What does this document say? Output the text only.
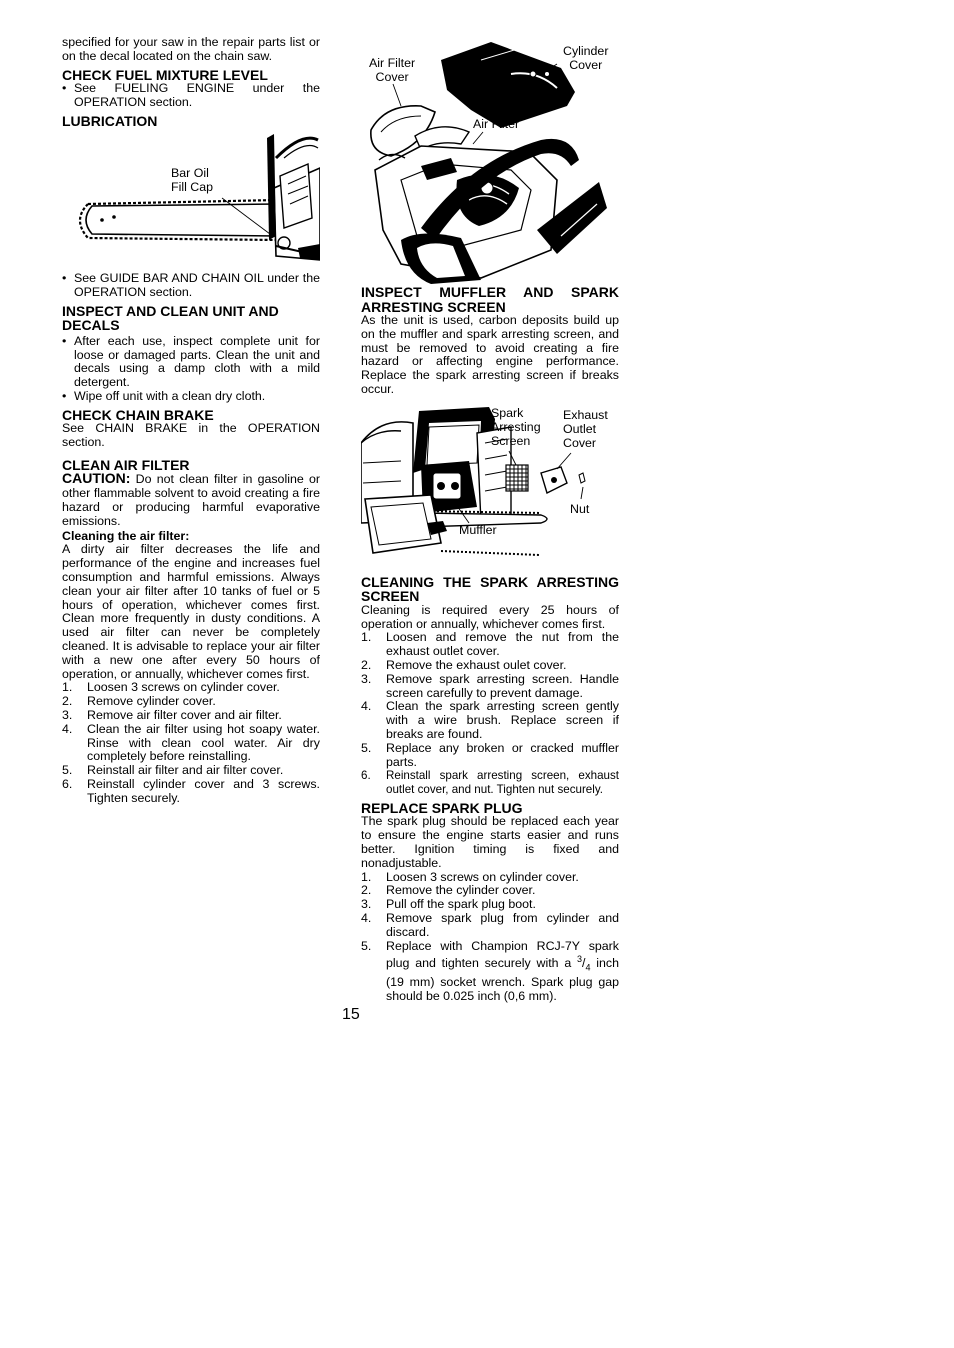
specified for your saw in the repair parts list or on the decal located on the chain saw.

CHECK FUEL MIXTURE LEVEL
• See FUELING ENGINE under the OPERATION section.
LUBRICATION
Bar Oil
Fill Cap
• See GUIDE BAR AND CHAIN OIL under the OPERATION section.
INSPECT AND CLEAN UNIT AND DECALS
• After each use, inspect complete unit for loose or damaged parts. Clean the unit and decals using a damp cloth with a mild detergent.
• Wipe off unit with a clean dry cloth.
CHECK CHAIN BRAKE

See CHAIN BRAKE in the OPERATION section.

CLEAN AIR FILTER

CAUTION: Do not clean filter in gasoline or other flammable solvent to avoid creating a fire hazard or producing harmful evaporative emissions.

Cleaning the air filter:

A dirty air filter decreases the life and performance of the engine and increases fuel consumption and harmful emissions. Always clean your air filter after 10 tanks of fuel or 5 hours of operation, whichever comes first. Clean more frequently in dusty conditions. A used air filter can never be completely cleaned. It is advisable to replace your air filter with a new one after every 50 hours of operation, or annually, whichever comes first.

1. Loosen 3 screws on cylinder cover.
2. Remove cylinder cover.
3. Remove air filter cover and air filter.
4. Clean the air filter using hot soapy water. Rinse with clean cool water. Air dry completely before reinstalling.
5. Reinstall air filter and air filter cover.
6. Reinstall cylinder cover and 3 screws. Tighten securely.
Air Filter
Cover
Cylinder
Cover
Air Filter
INSPECT MUFFLER AND SPARK ARRESTING SCREEN

As the unit is used, carbon deposits build up on the muffler and spark arresting screen, and must be removed to avoid creating a fire hazard or affecting engine performance. Replace the spark arresting screen if breaks occur.

Spark
Arresting
Screen
Exhaust
Outlet
Cover
Nut
Muffler
CLEANING THE SPARK ARRESTING SCREEN

Cleaning is required every 25 hours of operation or annually, whichever comes first.

1. Loosen and remove the nut from the exhaust outlet cover.
2. Remove the exhaust oulet cover.
3. Remove spark arresting screen. Handle screen carefully to prevent damage.
4. Clean the spark arresting screen gently with a wire brush. Replace screen if breaks are found.
5. Replace any broken or cracked muffler parts.
6. Reinstall spark arresting screen, exhaust outlet cover, and nut. Tighten nut securely.
REPLACE SPARK PLUG

The spark plug should be replaced each year to ensure the engine starts easier and runs better. Ignition timing is fixed and nonadjustable.

1. Loosen 3 screws on cylinder cover.
2. Remove the cylinder cover.
3. Pull off the spark plug boot.
4. Remove spark plug from cylinder and discard.
5. Replace with Champion RCJ-7Y spark plug and tighten securely with a $^3/_4$ inch (19 mm) socket wrench. Spark plug gap should be 0.025 inch (0,6 mm).
15
